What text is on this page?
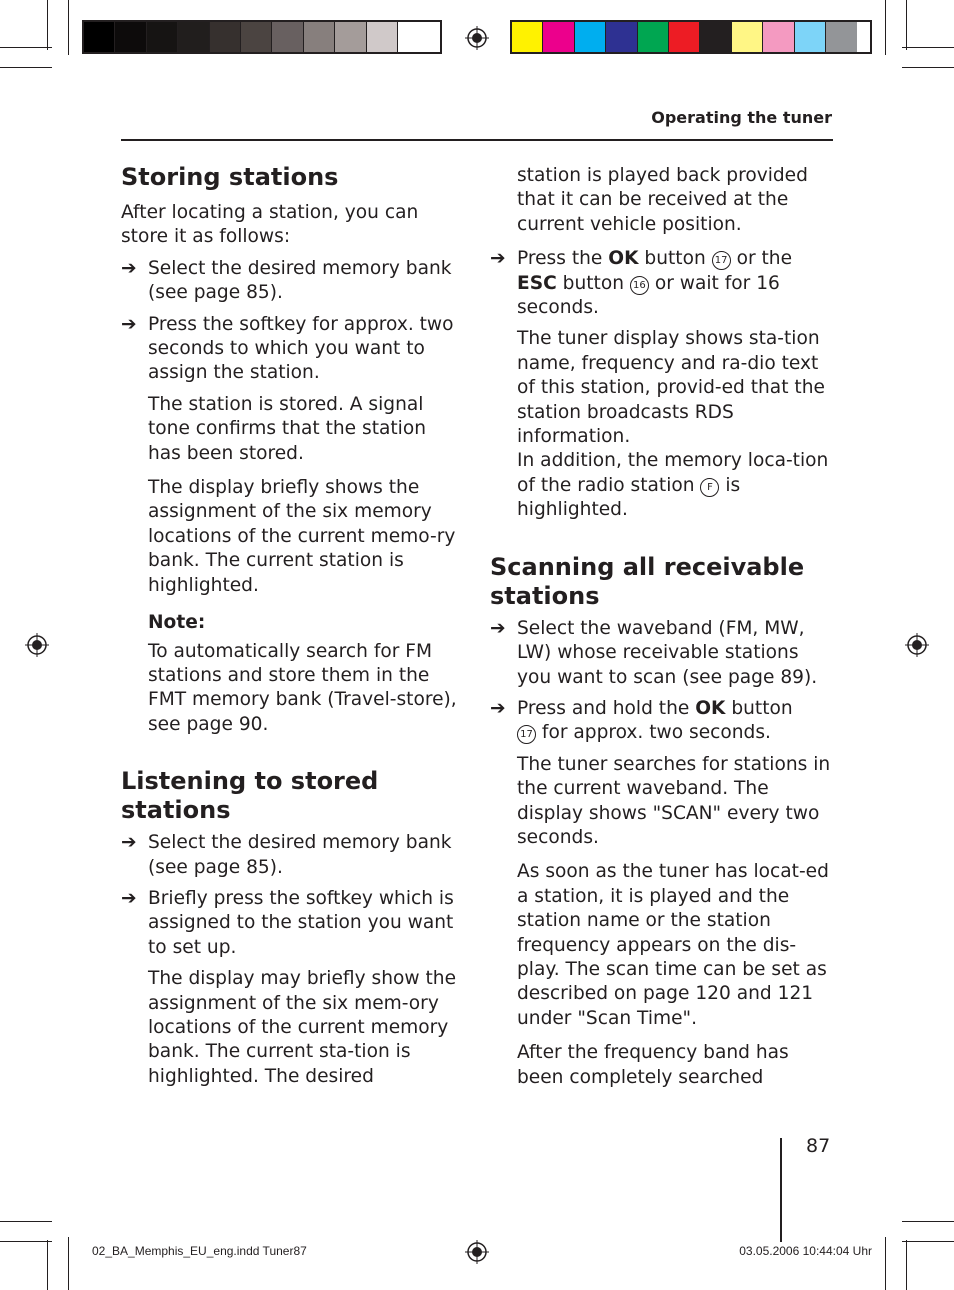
Operating the tuner
Storing stations

After locating a station, you can store it as follows:

➔ Select the desired memory bank (see page 85).
➔ Press the softkey for approx. two seconds to which you want to assign the station.

The station is stored. A signal tone confirms that the station has been stored.

The display briefly shows the assignment of the six memory locations of the current memo-ry bank. The current station is highlighted.

Note:

To automatically search for FM stations and store them in the FMT memory bank (Travel-store), see page 90.

Listening to stored stations
➔ Select the desired memory bank (see page 85).
➔ Briefly press the softkey which is assigned to the station you want to set up.

The display may briefly show the assignment of the six mem-ory locations of the current memory bank. The current sta-tion is highlighted. The desired

station is played back provided that it can be received at the current vehicle position.

➔ Press the OK button 17 or the ESC button 16 or wait for 16 seconds.

The tuner display shows sta-tion name, frequency and ra-dio text of this station, provid-ed that the station broadcasts RDS information.

In addition, the memory loca-tion of the radio station F is highlighted.

Scanning all receivable stations
➔ Select the waveband (FM, MW, LW) whose receivable stations you want to scan (see page 89).
➔ Press and hold the OK button
17 for approx. two seconds.

The tuner searches for stations in the current waveband. The display shows "SCAN" every two seconds.

As soon as the tuner has locat-ed a station, it is played and the station name or the station frequency appears on the dis-play. The scan time can be set as described on page 120 and 121 under "Scan Time".

After the frequency band has been completely searched

87
02_BA_Memphis_EU_eng.indd Tuner87	03.05.2006 10:44:04 Uhr
